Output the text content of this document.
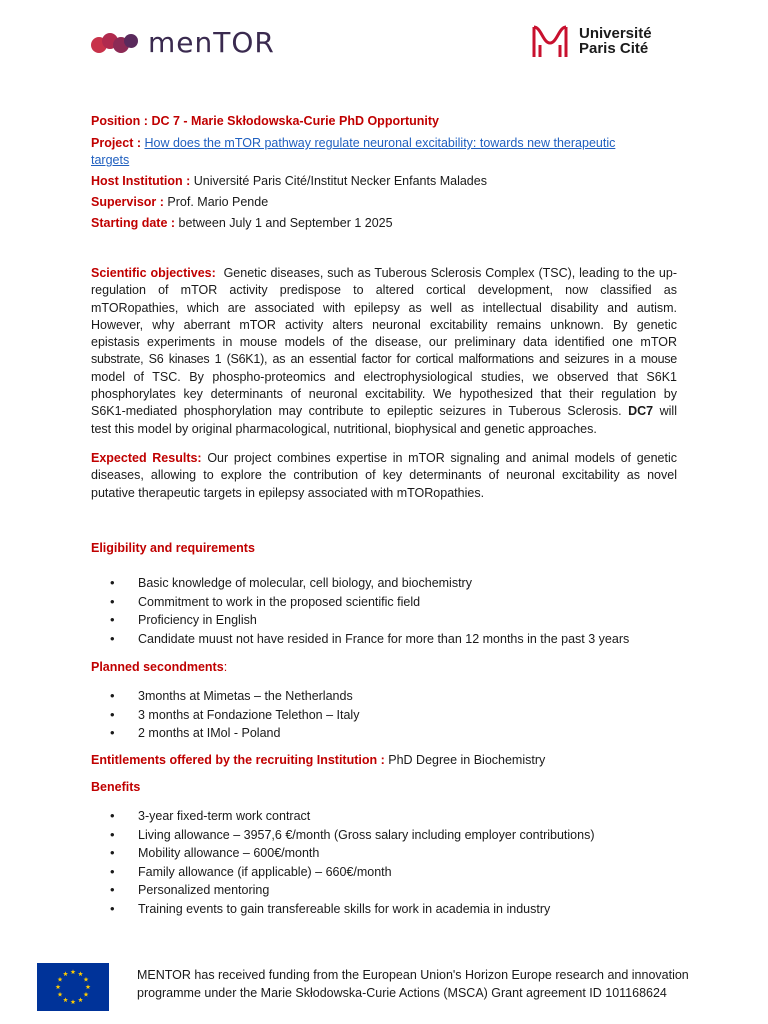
menTOR	Université
Paris Cité
Position : DC 7 - Marie Skłodowska-Curie PhD Opportunity
Project : How does the mTOR pathway regulate neuronal excitability: towards new therapeutic
targets
Host Institution : Université Paris Cité/Institut Necker Enfants Malades
Supervisor : Prof. Mario Pende
Starting date : between July 1 and September 1 2025
Scientific objectives: Genetic diseases, such as Tuberous Sclerosis Complex (TSC), leading to the up-
regulation of mTOR activity predispose to altered cortical development, now classified as
mTORopathies, which are associated with epilepsy as well as intellectual disability and autism.
However, why aberrant mTOR activity alters neuronal excitability remains unknown. By genetic
epistasis experiments in mouse models of the disease, our preliminary data identified one mTOR
substrate, S6 kinases 1 (S6K1), as an essential factor for cortical malformations and seizures in a mouse
model of TSC. By phospho-proteomics and electrophysiological studies, we observed that S6K1
phosphorylates key determinants of neuronal excitability. We hypothesized that their regulation by
S6K1-mediated phosphorylation may contribute to epileptic seizures in Tuberous Sclerosis. DC7 will
test this model by original pharmacological, nutritional, biophysical and genetic approaches.
Expected Results: Our project combines expertise in mTOR signaling and animal models of genetic
diseases, allowing to explore the contribution of key determinants of neuronal excitability as novel
putative therapeutic targets in epilepsy associated with mTORopathies.
Eligibility and requirements
• Basic knowledge of molecular, cell biology, and biochemistry
• Commitment to work in the proposed scientific field
• Proficiency in English
• Candidate muust not have resided in France for more than 12 months in the past 3 years
Planned secondments:
• 3months at Mimetas – the Netherlands
• 3 months at Fondazione Telethon – Italy
• 2 months at IMol - Poland
Entitlements offered by the recruiting Institution : PhD Degree in Biochemistry
Benefits
• 3-year fixed-term work contract
• Living allowance – 3957,6 €/month (Gross salary including employer contributions)
• Mobility allowance – 600€/month
• Family allowance (if applicable) – 660€/month
• Personalized mentoring
• Training events to gain transfereable skills for work in academia in industry
MENTOR has received funding from the European Union's Horizon Europe research and innovation
programme under the Marie Skłodowska-Curie Actions (MSCA) Grant agreement ID 101168624
